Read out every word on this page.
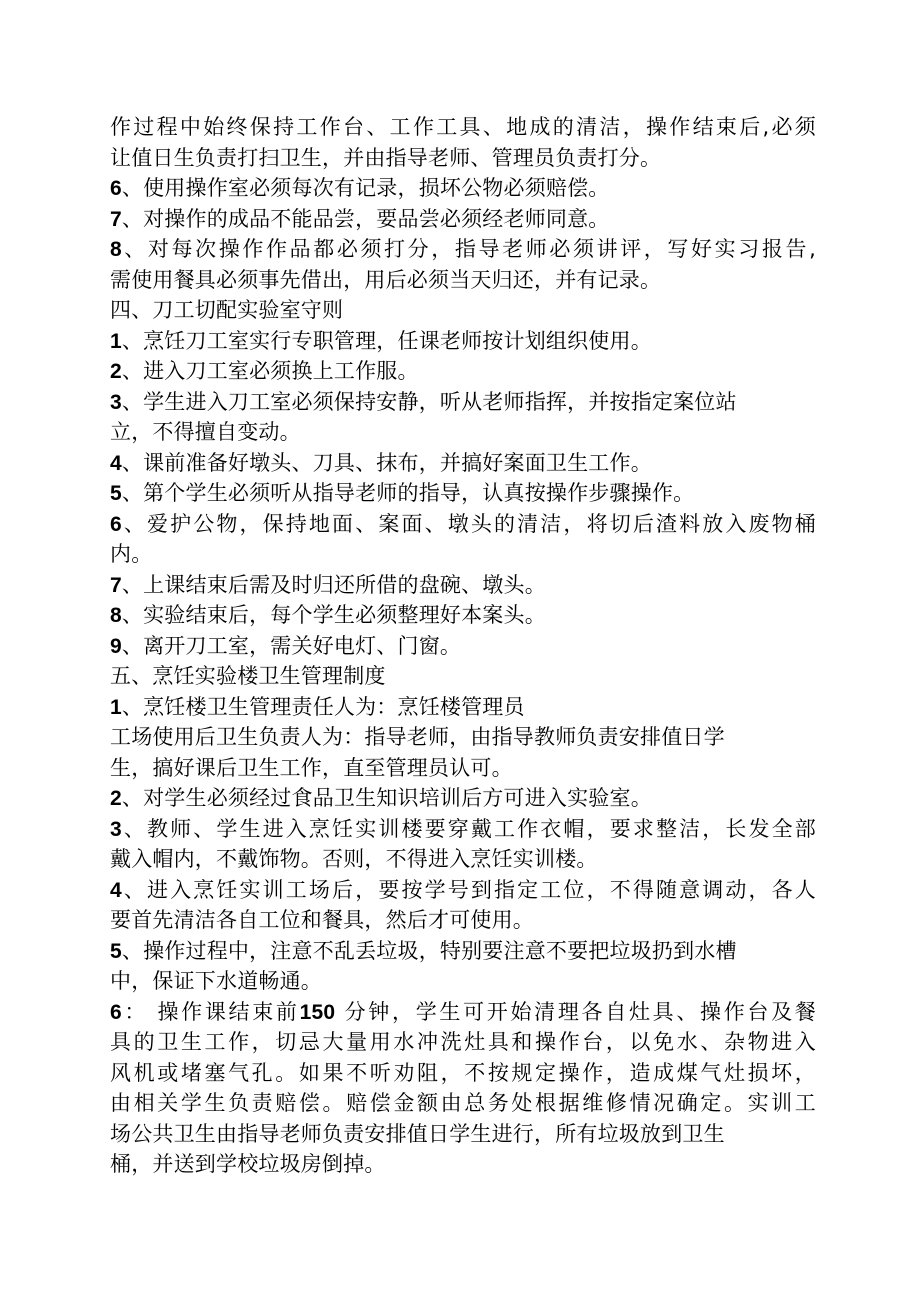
作过程中始终保持工作台、工作工具、地成的清洁，操作结束后,必须
让值日生负责打扫卫生，并由指导老师、管理员负责打分。
6、使用操作室必须每次有记录，损坏公物必须赔偿。
7、对操作的成品不能品尝，要品尝必须经老师同意。
8、对每次操作作品都必须打分，指导老师必须讲评，写好实习报告,
需使用餐具必须事先借出，用后必须当天归还，并有记录。
四、刀工切配实验室守则
1、烹饪刀工室实行专职管理，任课老师按计划组织使用。
2、进入刀工室必须换上工作服。
3、学生进入刀工室必须保持安静，听从老师指挥，并按指定案位站
立，不得擅自变动。
4、课前准备好墩头、刀具、抹布，并搞好案面卫生工作。
5、第个学生必须听从指导老师的指导，认真按操作步骤操作。
6、爱护公物，保持地面、案面、墩头的清洁，将切后渣料放入废物桶
内。
7、上课结束后需及时归还所借的盘碗、墩头。
8、实验结束后，每个学生必须整理好本案头。
9、离开刀工室，需关好电灯、门窗。
五、烹饪实验楼卫生管理制度
1、烹饪楼卫生管理责任人为：烹饪楼管理员
工场使用后卫生负责人为：指导老师，由指导教师负责安排值日学
生，搞好课后卫生工作，直至管理员认可。
2、对学生必须经过食品卫生知识培训后方可进入实验室。
3、教师、学生进入烹饪实训楼要穿戴工作衣帽，要求整洁，长发全部
戴入帽内，不戴饰物。否则，不得进入烹饪实训楼。
4、进入烹饪实训工场后，要按学号到指定工位，不得随意调动，各人
要首先清洁各自工位和餐具，然后才可使用。
5、操作过程中，注意不乱丢垃圾，特别要注意不要把垃圾扔到水槽
中，保证下水道畅通。
6： 操作课结束前150 分钟，学生可开始清理各自灶具、操作台及餐
具的卫生工作，切忌大量用水冲洗灶具和操作台，以免水、杂物进入
风机或堵塞气孔。如果不听劝阻，不按规定操作，造成煤气灶损坏，
由相关学生负责赔偿。赔偿金额由总务处根据维修情况确定。实训工
场公共卫生由指导老师负责安排值日学生进行，所有垃圾放到卫生
桶，并送到学校垃圾房倒掉。
